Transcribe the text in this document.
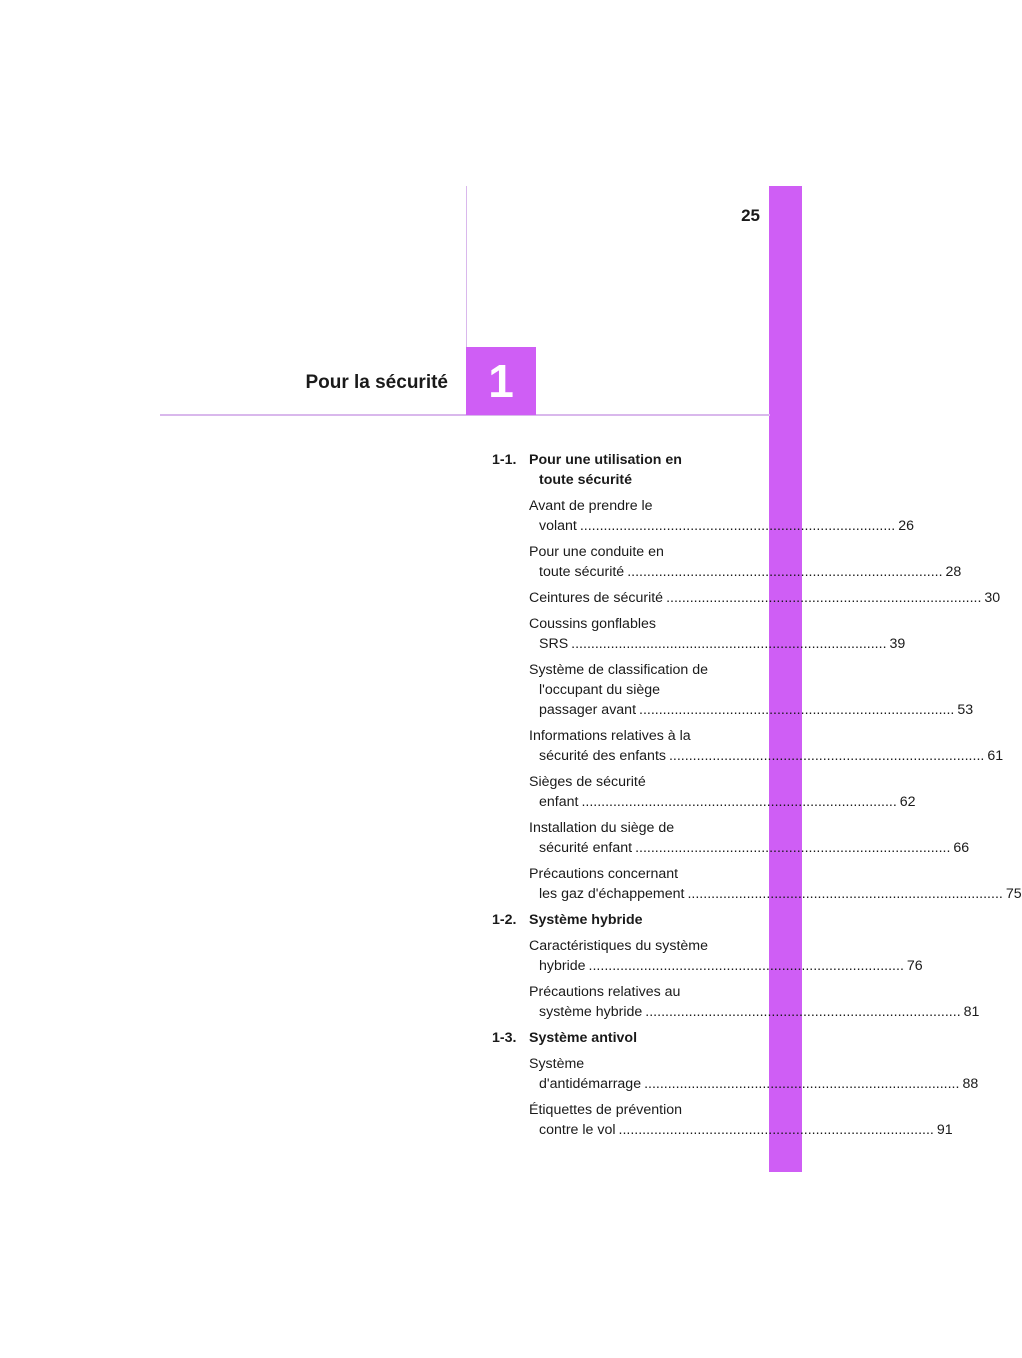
25
1
Pour la sécurité
1-1. Pour une utilisation en
toute sécurité
Avant de prendre le
volant ................................................................................ 26
Pour une conduite en
toute sécurité ................................................................................ 28
Ceintures de sécurité ................................................................................ 30
Coussins gonflables
SRS ................................................................................ 39
Système de classification de
l'occupant du siège
passager avant ................................................................................ 53
Informations relatives à la
sécurité des enfants ................................................................................ 61
Sièges de sécurité
enfant ................................................................................ 62
Installation du siège de
sécurité enfant ................................................................................ 66
Précautions concernant
les gaz d'échappement ................................................................................ 75
1-2. Système hybride
Caractéristiques du système
hybride ................................................................................ 76
Précautions relatives au
système hybride ................................................................................ 81
1-3. Système antivol
Système
d'antidémarrage ................................................................................ 88
Étiquettes de prévention
contre le vol ................................................................................ 91
